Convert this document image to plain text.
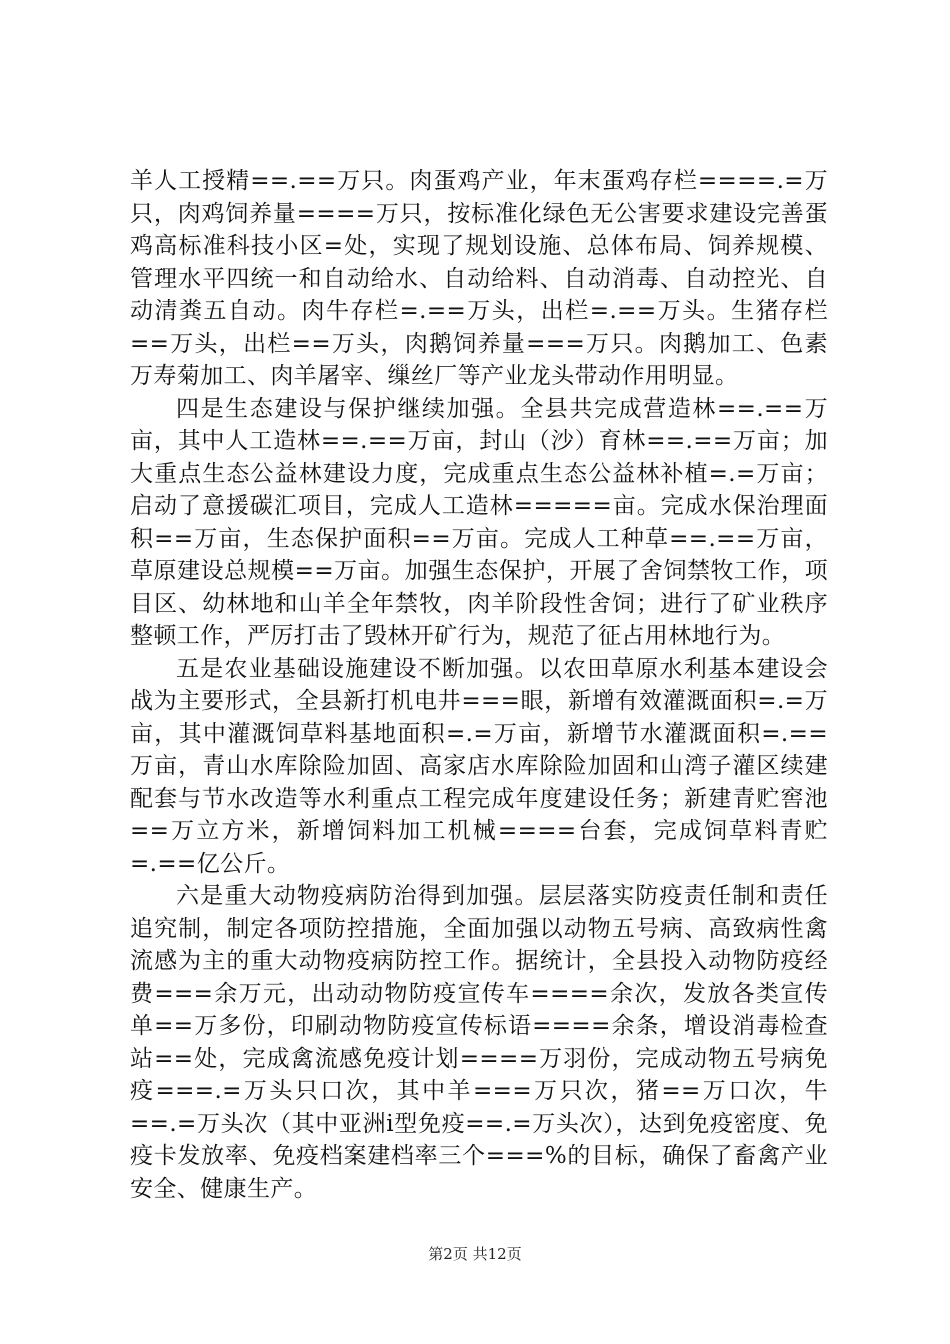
羊人工授精==.==万只。肉蛋鸡产业，年末蛋鸡存栏====.=万只，肉鸡饲养量====万只，按标准化绿色无公害要求建设完善蛋鸡高标准科技小区=处，实现了规划设施、总体布局、饲养规模、管理水平四统一和自动给水、自动给料、自动消毒、自动控光、自动清粪五自动。肉牛存栏=.==万头，出栏=.==万头。生猪存栏==万头，出栏==万头，肉鹅饲养量===万只。肉鹅加工、色素万寿菊加工、肉羊屠宰、缫丝厂等产业龙头带动作用明显。

四是生态建设与保护继续加强。全县共完成营造林==.==万亩，其中人工造林==.==万亩，封山（沙）育林==.==万亩；加大重点生态公益林建设力度，完成重点生态公益林补植=.=万亩；启动了意援碳汇项目，完成人工造林=====亩。完成水保治理面积==万亩，生态保护面积==万亩。完成人工种草==.==万亩，草原建设总规模==万亩。加强生态保护，开展了舍饲禁牧工作，项目区、幼林地和山羊全年禁牧，肉羊阶段性舍饲；进行了矿业秩序整顿工作，严厉打击了毁林开矿行为，规范了征占用林地行为。

五是农业基础设施建设不断加强。以农田草原水利基本建设会战为主要形式，全县新打机电井===眼，新增有效灌溉面积=.=万亩，其中灌溉饲草料基地面积=.=万亩，新增节水灌溉面积=.==万亩，青山水库除险加固、高家店水库除险加固和山湾子灌区续建配套与节水改造等水利重点工程完成年度建设任务；新建青贮窖池==万立方米，新增饲料加工机械====台套，完成饲草料青贮=.==亿公斤。

六是重大动物疫病防治得到加强。层层落实防疫责任制和责任追究制，制定各项防控措施，全面加强以动物五号病、高致病性禽流感为主的重大动物疫病防控工作。据统计，全县投入动物防疫经费===余万元，出动动物防疫宣传车====余次，发放各类宣传单==万多份，印刷动物防疫宣传标语====余条，增设消毒检查站==处，完成禽流感免疫计划====万羽份，完成动物五号病免疫===.=万头只口次，其中羊===万只次，猪==万口次，牛==.=万头次（其中亚洲ⅰ型免疫==.=万头次），达到免疫密度、免疫卡发放率、免疫档案建档率三个===%的目标，确保了畜禽产业安全、健康生产。

第2页 共12页
